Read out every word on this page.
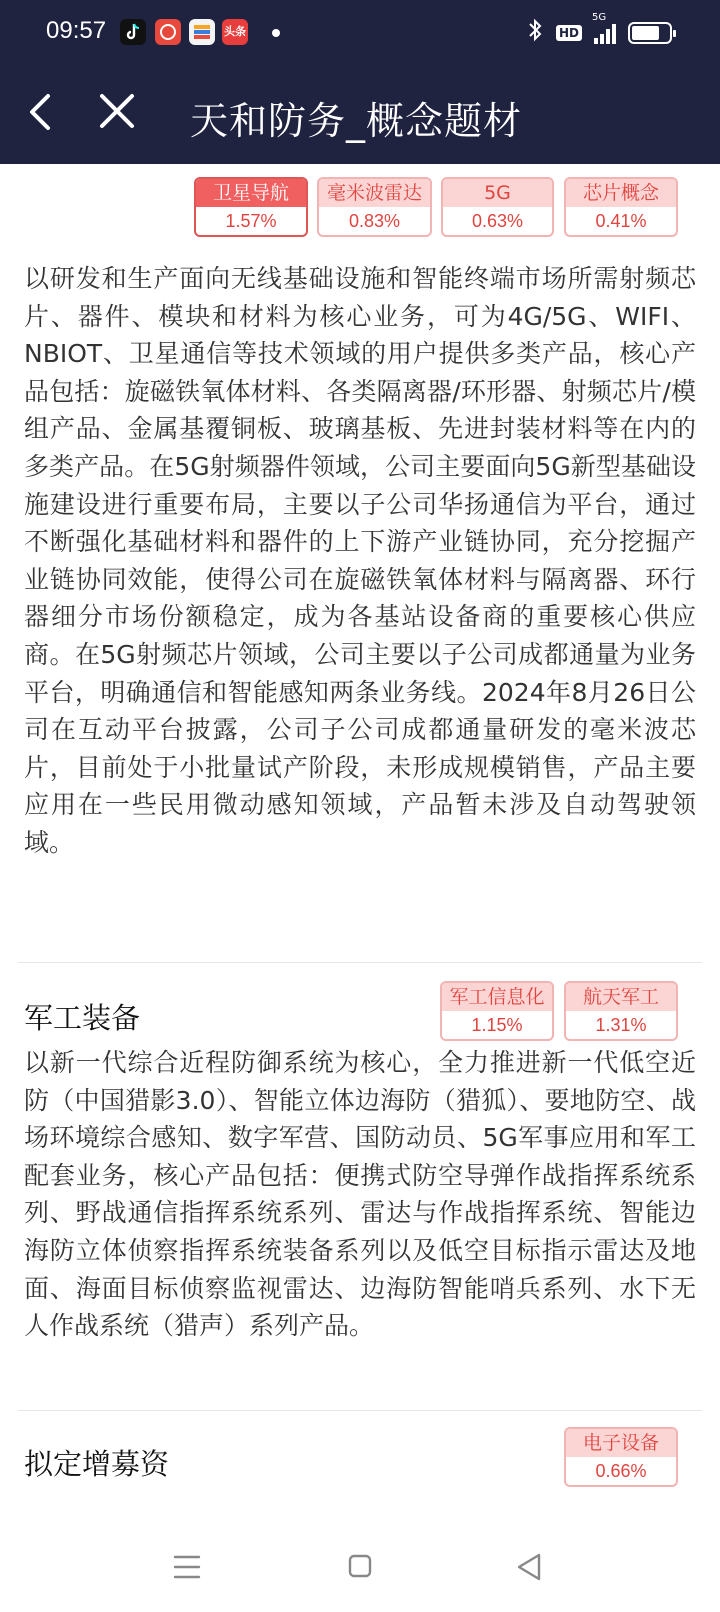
09:57	头条	HD
5G
天和防务_概念题材
卫星导航
1.57%
毫米波雷达
0.83%
5G
0.63%
芯片概念
0.41%
以研发和生产面向无线基础设施和智能终端市场所需射频芯片、器件、模块和材料为核心业务，可为4G/5G、WIFI、NBIOT、卫星通信等技术领域的用户提供多类产品，核心产品包括：旋磁铁氧体材料、各类隔离器/环形器、射频芯片/模组产品、金属基覆铜板、玻璃基板、先进封装材料等在内的多类产品。在5G射频器件领域，公司主要面向5G新型基础设施建设进行重要布局，主要以子公司华扬通信为平台，通过不断强化基础材料和器件的上下游产业链协同，充分挖掘产业链协同效能，使得公司在旋磁铁氧体材料与隔离器、环行器细分市场份额稳定，成为各基站设备商的重要核心供应商。在5G射频芯片领域，公司主要以子公司成都通量为业务平台，明确通信和智能感知两条业务线。2024年8月26日公司在互动平台披露，公司子公司成都通量研发的毫米波芯片，目前处于小批量试产阶段，未形成规模销售，产品主要应用在一些民用微动感知领域，产品暂未涉及自动驾驶领域。
军工装备
军工信息化
1.15%
航天军工
1.31%
以新一代综合近程防御系统为核心，全力推进新一代低空近防（中国猎影3.0）、智能立体边海防（猎狐）、要地防空、战场环境综合感知、数字军营、国防动员、5G军事应用和军工配套业务，核心产品包括：便携式防空导弹作战指挥系统系列、野战通信指挥系统系列、雷达与作战指挥系统、智能边海防立体侦察指挥系统装备系列以及低空目标指示雷达及地面、海面目标侦察监视雷达、边海防智能哨兵系列、水下无人作战系统（猎声）系列产品。
拟定增募资
电子设备
0.66%
